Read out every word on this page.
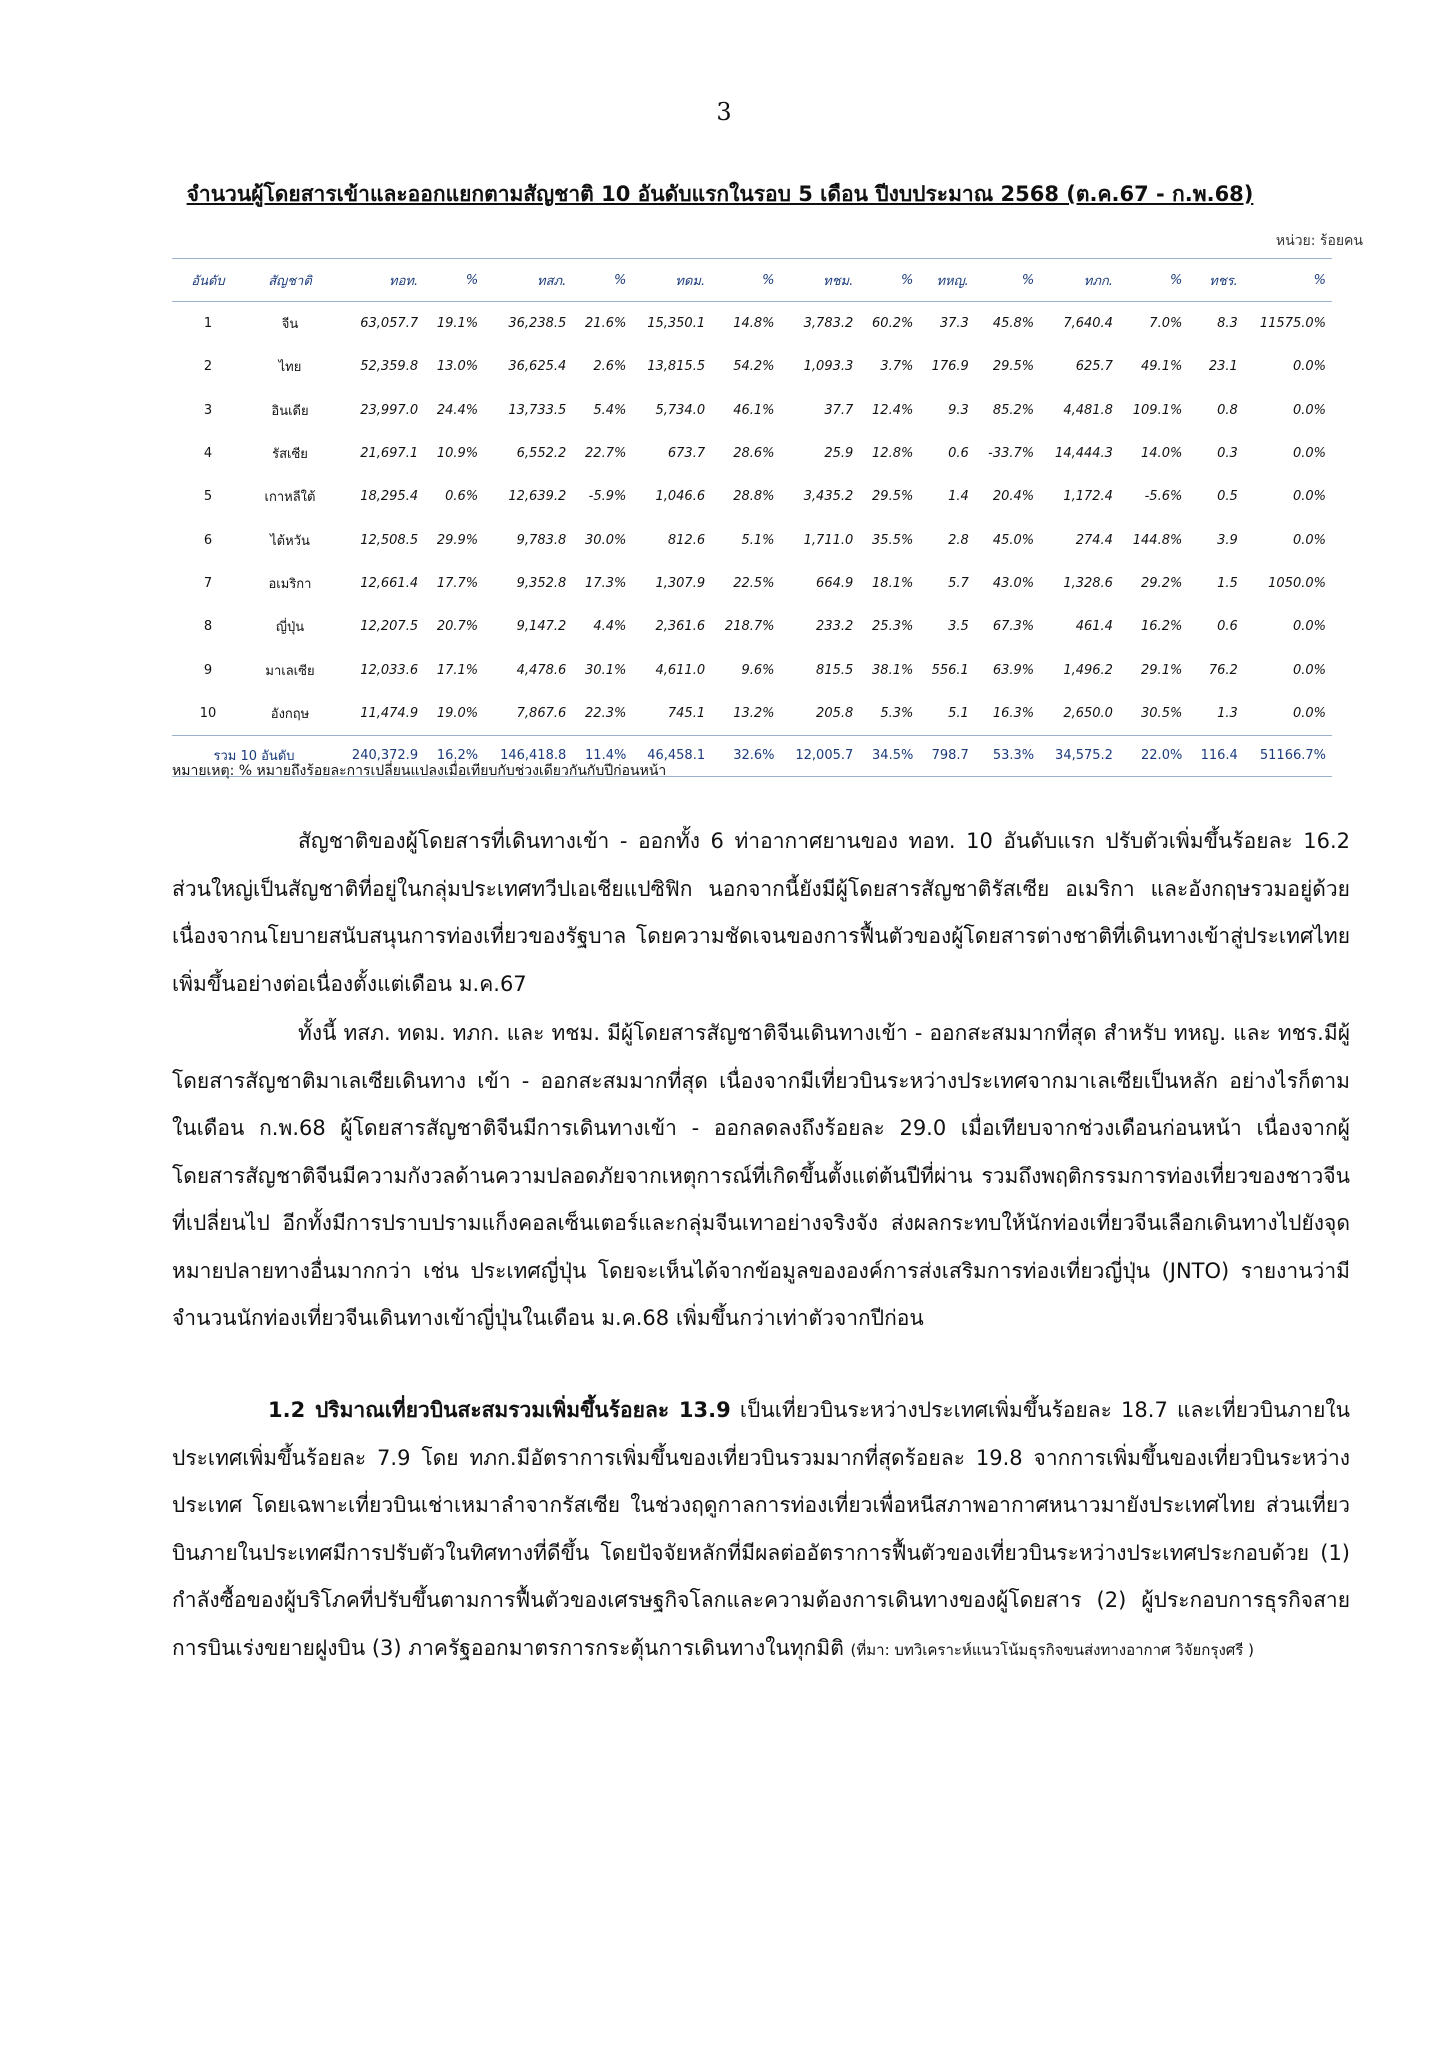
3
จำนวนผู้โดยสารเข้าและออกแยกตามสัญชาติ 10 อันดับแรกในรอบ 5 เดือน ปีงบประมาณ 2568 (ต.ค.67 - ก.พ.68)
หน่วย: ร้อยคน
อันดับ	สัญชาติ	ทอท.	%	ทสภ.	%	ทดม.	%	ทชม.	%	ทหญ.	%	ทภก.	%	ทชร.	%
1	จีน	63,057.7	19.1%	36,238.5	21.6%	15,350.1	14.8%	3,783.2	60.2%	37.3	45.8%	7,640.4	7.0%	8.3	11575.0%
2	ไทย	52,359.8	13.0%	36,625.4	2.6%	13,815.5	54.2%	1,093.3	3.7%	176.9	29.5%	625.7	49.1%	23.1	0.0%
3	อินเดีย	23,997.0	24.4%	13,733.5	5.4%	5,734.0	46.1%	37.7	12.4%	9.3	85.2%	4,481.8	109.1%	0.8	0.0%
4	รัสเซีย	21,697.1	10.9%	6,552.2	22.7%	673.7	28.6%	25.9	12.8%	0.6	-33.7%	14,444.3	14.0%	0.3	0.0%
5	เกาหลีใต้	18,295.4	0.6%	12,639.2	-5.9%	1,046.6	28.8%	3,435.2	29.5%	1.4	20.4%	1,172.4	-5.6%	0.5	0.0%
6	ไต้หวัน	12,508.5	29.9%	9,783.8	30.0%	812.6	5.1%	1,711.0	35.5%	2.8	45.0%	274.4	144.8%	3.9	0.0%
7	อเมริกา	12,661.4	17.7%	9,352.8	17.3%	1,307.9	22.5%	664.9	18.1%	5.7	43.0%	1,328.6	29.2%	1.5	1050.0%
8	ญี่ปุ่น	12,207.5	20.7%	9,147.2	4.4%	2,361.6	218.7%	233.2	25.3%	3.5	67.3%	461.4	16.2%	0.6	0.0%
9	มาเลเซีย	12,033.6	17.1%	4,478.6	30.1%	4,611.0	9.6%	815.5	38.1%	556.1	63.9%	1,496.2	29.1%	76.2	0.0%
10	อังกฤษ	11,474.9	19.0%	7,867.6	22.3%	745.1	13.2%	205.8	5.3%	5.1	16.3%	2,650.0	30.5%	1.3	0.0%
รวม 10 อันดับ		240,372.9	16.2%	146,418.8	11.4%	46,458.1	32.6%	12,005.7	34.5%	798.7	53.3%	34,575.2	22.0%	116.4	51166.7%
หมายเหตุ: % หมายถึงร้อยละการเปลี่ยนแปลงเมื่อเทียบกับช่วงเดียวกันกับปีก่อนหน้า
สัญชาติของผู้โดยสารที่เดินทางเข้า - ออกทั้ง 6 ท่าอากาศยานของ ทอท. 10 อันดับแรก ปรับตัวเพิ่มขึ้นร้อยละ 16.2 ส่วนใหญ่เป็นสัญชาติที่อยู่ในกลุ่มประเทศทวีปเอเชียแปซิฟิก นอกจากนี้ยังมีผู้โดยสารสัญชาติรัสเซีย อเมริกา และอังกฤษรวมอยู่ด้วย เนื่องจากนโยบายสนับสนุนการท่องเที่ยวของรัฐบาล โดยความชัดเจนของการฟื้นตัวของผู้โดยสารต่างชาติที่เดินทางเข้าสู่ประเทศไทยเพิ่มขึ้นอย่างต่อเนื่องตั้งแต่เดือน ม.ค.67
ทั้งนี้ ทสภ. ทดม. ทภก. และ ทชม. มีผู้โดยสารสัญชาติจีนเดินทางเข้า - ออกสะสมมากที่สุด สำหรับ ทหญ. และ ทชร.มีผู้โดยสารสัญชาติมาเลเซียเดินทาง เข้า - ออกสะสมมากที่สุด เนื่องจากมีเที่ยวบินระหว่างประเทศจากมาเลเซียเป็นหลัก อย่างไรก็ตาม ในเดือน ก.พ.68 ผู้โดยสารสัญชาติจีนมีการเดินทางเข้า - ออกลดลงถึงร้อยละ 29.0 เมื่อเทียบจากช่วงเดือนก่อนหน้า เนื่องจากผู้โดยสารสัญชาติจีนมีความกังวลด้านความปลอดภัยจากเหตุการณ์ที่เกิดขึ้นตั้งแต่ต้นปีที่ผ่าน รวมถึงพฤติกรรมการท่องเที่ยวของชาวจีนที่เปลี่ยนไป อีกทั้งมีการปราบปรามแก็งคอลเซ็นเตอร์และกลุ่มจีนเทาอย่างจริงจัง ส่งผลกระทบให้นักท่องเที่ยวจีนเลือกเดินทางไปยังจุดหมายปลายทางอื่นมากกว่า เช่น ประเทศญี่ปุ่น โดยจะเห็นได้จากข้อมูลขององค์การส่งเสริมการท่องเที่ยวญี่ปุ่น (JNTO) รายงานว่ามีจำนวนนักท่องเที่ยวจีนเดินทางเข้าญี่ปุ่นในเดือน ม.ค.68 เพิ่มขึ้นกว่าเท่าตัวจากปีก่อน
1.2 ปริมาณเที่ยวบินสะสมรวมเพิ่มขึ้นร้อยละ 13.9 เป็นเที่ยวบินระหว่างประเทศเพิ่มขึ้นร้อยละ 18.7 และเที่ยวบินภายในประเทศเพิ่มขึ้นร้อยละ 7.9 โดย ทภก.มีอัตราการเพิ่มขึ้นของเที่ยวบินรวมมากที่สุดร้อยละ 19.8 จากการเพิ่มขึ้นของเที่ยวบินระหว่างประเทศ โดยเฉพาะเที่ยวบินเช่าเหมาลำจากรัสเซีย ในช่วงฤดูกาลการท่องเที่ยวเพื่อหนีสภาพอากาศหนาวมายังประเทศไทย ส่วนเที่ยวบินภายในประเทศมีการปรับตัวในทิศทางที่ดีขึ้น โดยปัจจัยหลักที่มีผลต่ออัตราการฟื้นตัวของเที่ยวบินระหว่างประเทศประกอบด้วย (1) กำลังซื้อของผู้บริโภคที่ปรับขึ้นตามการฟื้นตัวของเศรษฐกิจโลกและความต้องการเดินทางของผู้โดยสาร (2) ผู้ประกอบการธุรกิจสายการบินเร่งขยายฝูงบิน (3) ภาครัฐออกมาตรการกระตุ้นการเดินทางในทุกมิติ (ที่มา: บทวิเคราะห์แนวโน้มธุรกิจขนส่งทางอากาศ วิจัยกรุงศรี )
